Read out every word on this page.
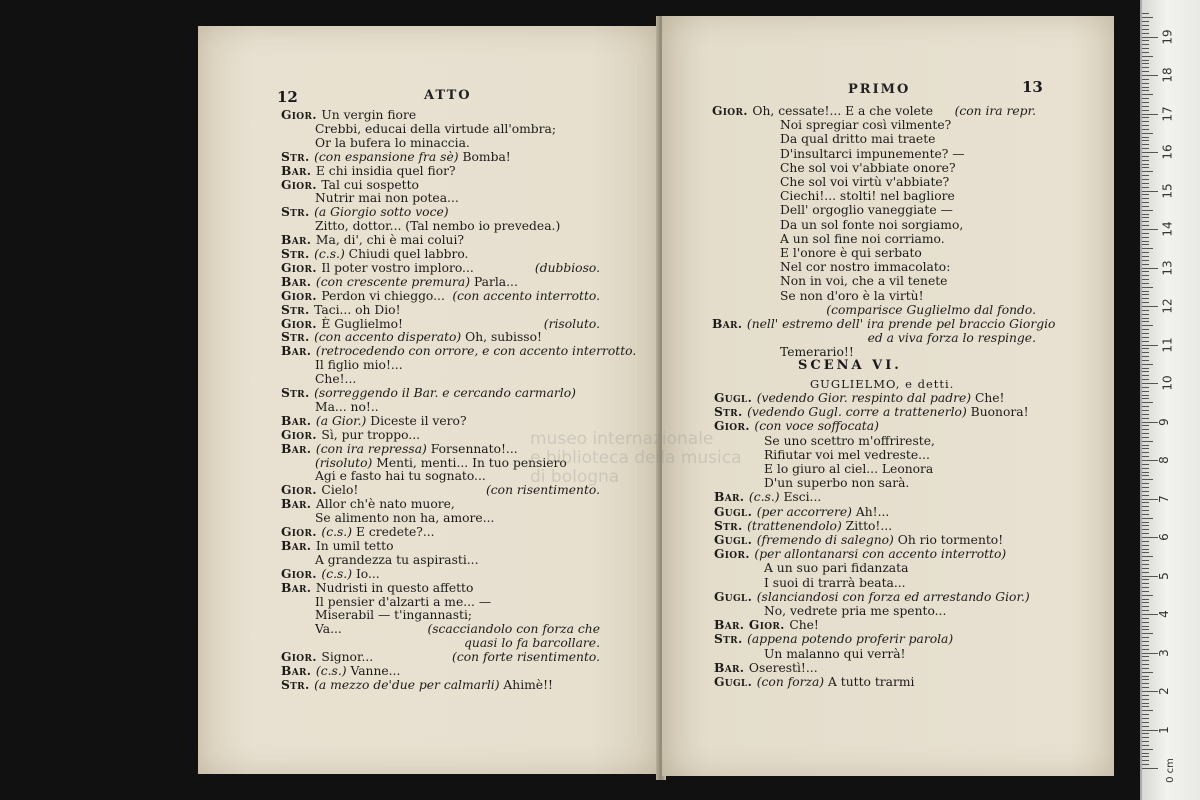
12	ATTO	PRIMO	13
Gior. Un vergin fiore
Crebbi, educai della virtude all'ombra;
Or la bufera lo minaccia.
Str. (con espansione fra sè) Bomba!
Bar. E chi insidia quel fior?
Gior. Tal cui sospetto
Nutrir mai non potea...
Str. (a Giorgio sotto voce)
Zitto, dottor... (Tal nembo io prevedea.)
Bar. Ma, di', chi è mai colui?
Str. (c.s.) Chiudi quel labbro.
Gior. Il poter vostro imploro...	(dubbioso.
Bar. (con crescente premura) Parla...
Gior. Perdon vi chieggo... (con accento interrotto.
Str. Taci... oh Dio!
Gior. È Guglielmo!	(risoluto.
Str. (con accento disperato) Oh, subisso!
Bar. (retrocedendo con orrore, e con accento interrotto.
Il figlio mio!...
Che!...
Str. (sorreggendo il Bar. e cercando carmarlo)
Ma... no!..
Bar. (a Gior.) Diceste il vero?
Gior. Sì, pur troppo...
Bar. (con ira repressa) Forsennato!...
(risoluto) Menti, menti... In tuo pensiero
Agi e fasto hai tu sognato...
Gior. Cielo!	(con risentimento.
Bar. Allor ch'è nato muore,
Se alimento non ha, amore...
Gior. (c.s.) E credete?...
Bar. In umil tetto
A grandezza tu aspirasti...
Gior. (c.s.) Io...
Bar. Nudristi in questo affetto
Il pensier d'alzarti a me... —
Miserabil — t'ingannasti;
Va...	(scacciandolo con forza che
quasi lo fa barcollare.
Gior. Signor...	(con forte risentimento.
Bar. (c.s.) Vanne...
Str. (a mezzo de'due per calmarli) Ahimè!!
Gior. Oh, cessate!... E a che volete (con ira repr.
Noi spregiar così vilmente?
Da qual dritto mai traete
D'insultarci impunemente? —
Che sol voi v'abbiate onore?
Che sol voi virtù v'abbiate?
Ciechi!... stolti! nel bagliore
Dell' orgoglio vaneggiate —
Da un sol fonte noi sorgiamo,
A un sol fine noi corriamo.
E l'onore è qui serbato
Nel cor nostro immacolato:
Non in voi, che a vil tenete
Se non d'oro è la virtù!
(comparisce Guglielmo dal fondo.
Bar. (nell' estremo dell' ira prende pel braccio Giorgio
ed a viva forza lo respinge.
Temerario!!
Gugl. (vedendo Gior. respinto dal padre) Che!
Str. (vedendo Gugl. corre a trattenerlo) Buonora!
Gior. (con voce soffocata)
Se uno scettro m'offrireste,
Rifiutar voi mel vedreste...
E lo giuro al ciel... Leonora
D'un superbo non sarà.
Bar. (c.s.) Esci...
Gugl. (per accorrere) Ah!...
Str. (trattenendolo) Zitto!...
Gugl. (fremendo di salegno) Oh rio tormento!
Gior. (per allontanarsi con accento interrotto)
A un suo pari fidanzata
I suoi di trarrà beata...
Gugl. (slanciandosi con forza ed arrestando Gior.)
No, vedrete pria me spento...
Bar. Gior. Che!
Str. (appena potendo proferir parola)
Un malanno qui verrà!
Bar. Oserestì!...
Gugl. (con forza) A tutto trarmi
SCENA VI.
GUGLIELMO, e detti.
museo internazionale
e biblioteca della musica
di bologna
0 cm
1
2
3
4
5
6
7
8
9
10
11
12
13
14
15
16
17
18
19
